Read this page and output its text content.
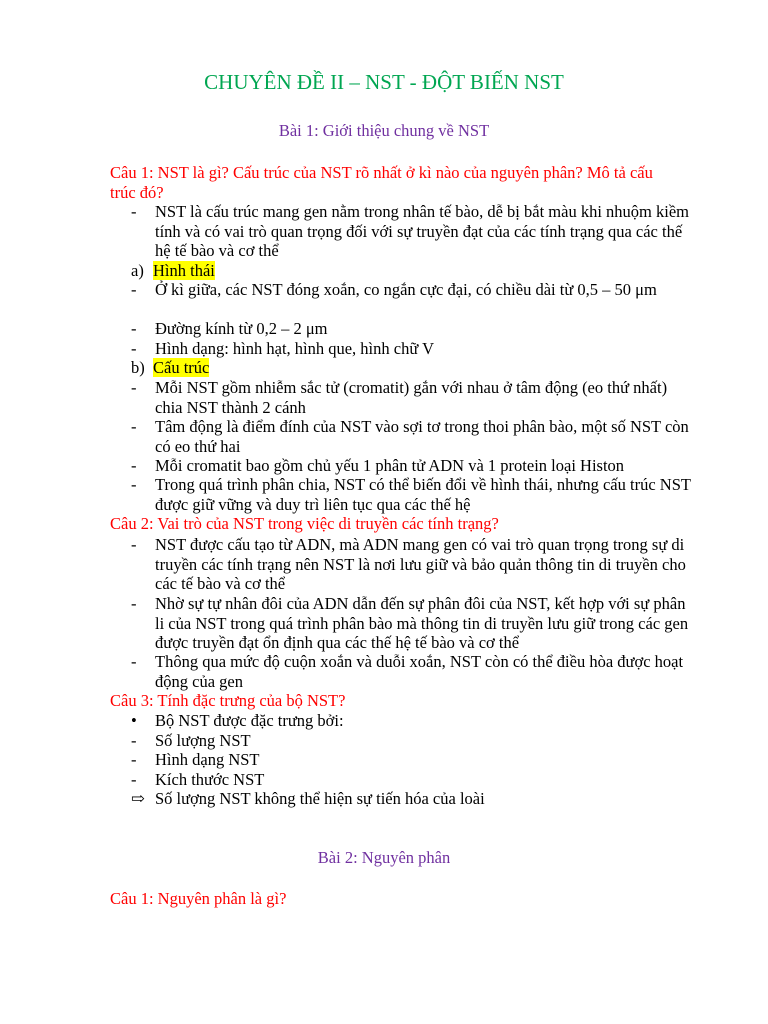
CHUYÊN ĐỀ II – NST - ĐỘT BIẾN NST
Bài 1: Giới thiệu chung về NST

Câu 1: NST là gì? Cấu trúc của NST rõ nhất ở kì nào của nguyên phân? Mô tả cấu trúc đó?

- NST là cấu trúc mang gen nằm trong nhân tế bào, dễ bị bắt màu khi nhuộm kiềm tính và có vai trò quan trọng đối với sự truyền đạt của các tính trạng qua các thế hệ tế bào và cơ thể
a) Hình thái
- Ở kì giữa, các NST đóng xoắn, co ngắn cực đại, có chiều dài từ 0,5 – 50 μm
- Đường kính từ 0,2 – 2 μm
- Hình dạng: hình hạt, hình que, hình chữ V
b) Cấu trúc
- Mỗi NST gồm nhiễm sắc tử (cromatit) gắn với nhau ở tâm động (eo thứ nhất) chia NST thành 2 cánh
- Tâm động là điểm đính của NST vào sợi tơ trong thoi phân bào, một số NST còn có eo thứ hai
- Mỗi cromatit bao gồm chủ yếu 1 phân tử ADN và 1 protein loại Histon
- Trong quá trình phân chia, NST có thể biến đổi về hình thái, nhưng cấu trúc NST được giữ vững và duy trì liên tục qua các thế hệ

Câu 2: Vai trò của NST trong việc di truyền các tính trạng?

- NST được cấu tạo từ ADN, mà ADN mang gen có vai trò quan trọng trong sự di truyền các tính trạng nên NST là nơi lưu giữ và bảo quản thông tin di truyền cho các tế bào và cơ thể
- Nhờ sự tự nhân đôi của ADN dẫn đến sự phân đôi của NST, kết hợp với sự phân li của NST trong quá trình phân bào mà thông tin di truyền lưu giữ trong các gen được truyền đạt ổn định qua các thế hệ tế bào và cơ thể
- Thông qua mức độ cuộn xoắn và duỗi xoắn, NST còn có thể điều hòa được hoạt động của gen

Câu 3: Tính đặc trưng của bộ NST?

• Bộ NST được đặc trưng bởi:
- Số lượng NST
- Hình dạng NST
- Kích thước NST
⇨ Số lượng NST không thể hiện sự tiến hóa của loài
Bài 2: Nguyên phân

Câu 1: Nguyên phân là gì?
